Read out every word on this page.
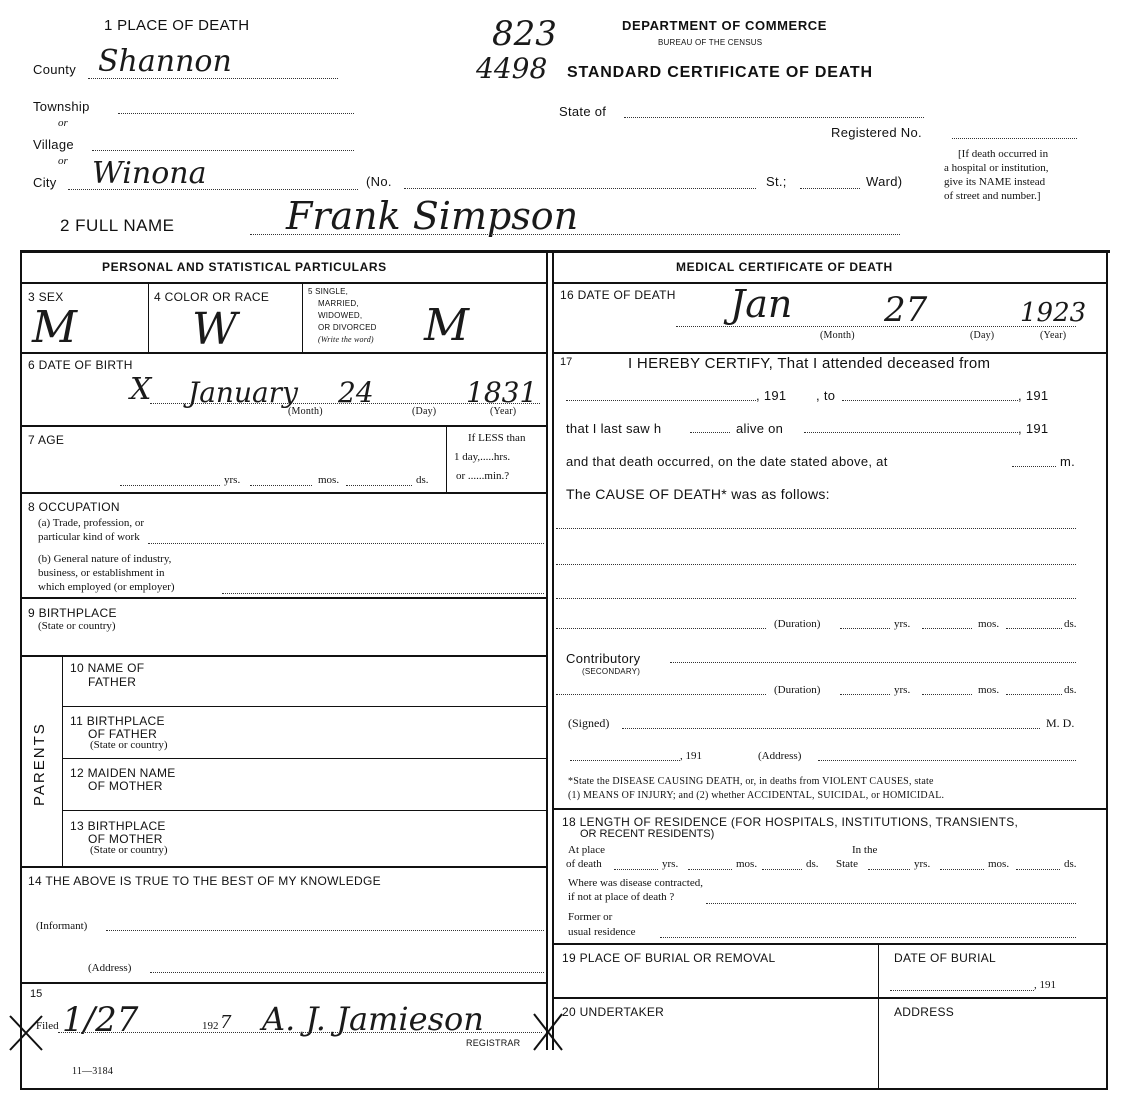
1 PLACE OF DEATH	823
4498
DEPARTMENT OF COMMERCE
BUREAU OF THE CENSUS
STANDARD CERTIFICATE OF DEATH
County Shannon
Township
or
Village
or
City Winona	(No.	St.;	Ward)
State of
Registered No.
[If death occurred in
a hospital or institution,
give its NAME instead
of street and number.]
2 FULL NAME	Frank Simpson
PERSONAL AND STATISTICAL PARTICULARS
3 SEX
M
4 COLOR OR RACE
W
5 SINGLE,
MARRIED,
WIDOWED,
OR DIVORCED
(Write the word) M
6 DATE OF BIRTH
X January 24	1831
(Month)	(Day)	(Year)
7 AGE
yrs.	mos.	ds.
If LESS than
1 day,.....hrs.
or ......min.?
8 OCCUPATION
(a) Trade, profession, or
particular kind of work
(b) General nature of industry,
business, or establishment in
which employed (or employer)
9 BIRTHPLACE
(State or country)
PARENTS
10 NAME OF
FATHER
11 BIRTHPLACE
OF FATHER
(State or country)
12 MAIDEN NAME
OF MOTHER
13 BIRTHPLACE
OF MOTHER
(State or country)
14 THE ABOVE IS TRUE TO THE BEST OF MY KNOWLEDGE
(Informant)
(Address)
15
Filed 1/27	192 7 A. J. Jamieson
REGISTRAR
11—3184
MEDICAL CERTIFICATE OF DEATH
16 DATE OF DEATH Jan	27	1923
(Month)	(Day)	(Year)
17	I HEREBY CERTIFY, That I attended deceased from
, 191 , to	, 191
that I last saw h	alive on	, 191
and that death occurred, on the date stated above, at	m.
The CAUSE OF DEATH* was as follows:
(Duration)	yrs.	mos.	ds.
Contributory
(SECONDARY)
(Duration)	yrs.	mos.	ds.
(Signed)	M. D.
, 191	(Address)
*State the DISEASE CAUSING DEATH, or, in deaths from VIOLENT CAUSES, state
(1) MEANS OF INJURY; and (2) whether ACCIDENTAL, SUICIDAL, or HOMICIDAL.
18 LENGTH OF RESIDENCE (FOR HOSPITALS, INSTITUTIONS, TRANSIENTS,
OR RECENT RESIDENTS)
At place
of death	yrs.	mos.	ds.
In the
State	yrs.	mos.	ds.
Where was disease contracted,
if not at place of death ?
Former or
usual residence
19 PLACE OF BURIAL OR REMOVAL	DATE OF BURIAL
, 191
20 UNDERTAKER	ADDRESS
